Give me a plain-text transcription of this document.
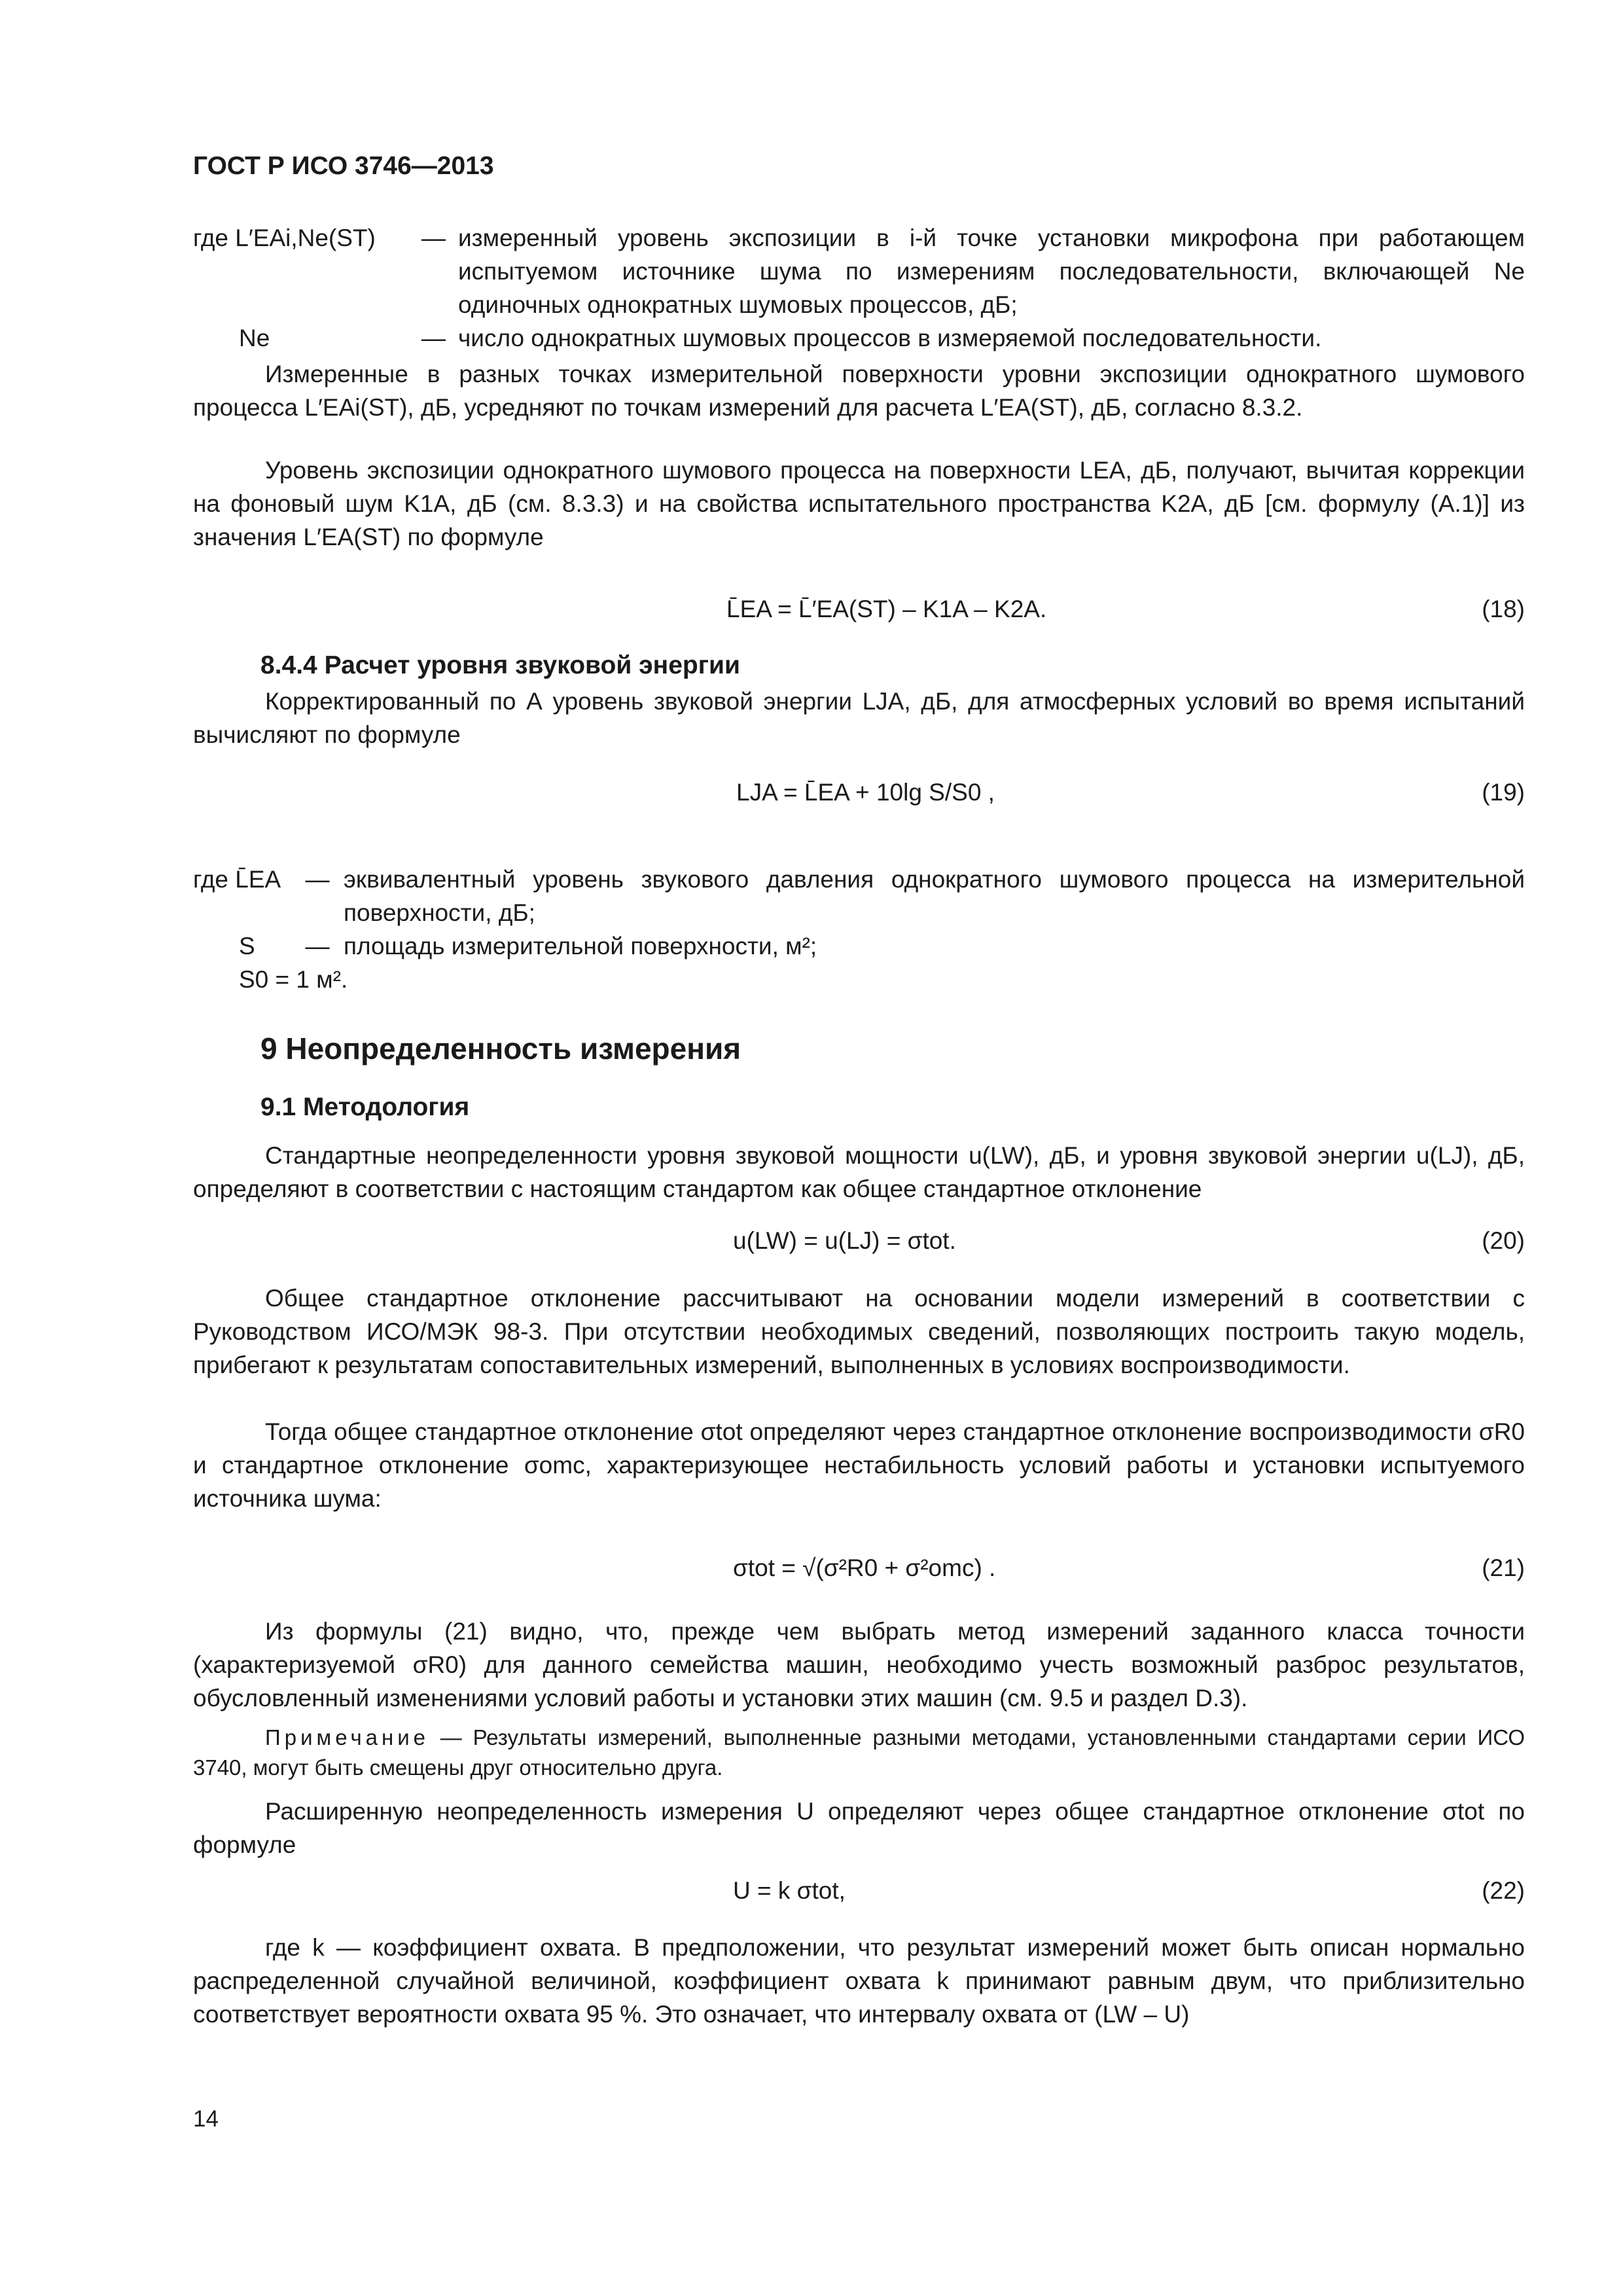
ГОСТ Р ИСО 3746—2013
где L′EAi,Ne(ST)	— измеренный уровень экспозиции в i-й точке установки микрофона при работающем испытуемом источнике шума по измерениям последовательности, включающей Ne одиночных однократных шумовых процессов, дБ;
Ne	— число однократных шумовых процессов в измеряемой последовательности.
Измеренные в разных точках измерительной поверхности уровни экспозиции однократного шумового процесса L′EAi(ST), дБ, усредняют по точкам измерений для расчета L′EA(ST), дБ, согласно 8.3.2.
Уровень экспозиции однократного шумового процесса на поверхности LEA, дБ, получают, вычитая коррекции на фоновый шум K1A, дБ (см. 8.3.3) и на свойства испытательного пространства K2A, дБ [см. формулу (А.1)] из значения L′EA(ST) по формуле
L̄EA = L̄′EA(ST) – K1A – K2A.	(18)
8.4.4 Расчет уровня звуковой энергии
Корректированный по А уровень звуковой энергии LJA, дБ, для атмосферных условий во время испытаний вычисляют по формуле
LJA = L̄EA + 10lg S/S0 ,	(19)
где L̄EA	— эквивалентный уровень звукового давления однократного шумового процесса на измерительной поверхности, дБ;
S	— площадь измерительной поверхности, м²;
S0 = 1 м².
9 Неопределенность измерения
9.1 Методология
Стандартные неопределенности уровня звуковой мощности u(LW), дБ, и уровня звуковой энергии u(LJ), дБ, определяют в соответствии с настоящим стандартом как общее стандартное отклонение
u(LW) = u(LJ) = σtot.	(20)
Общее стандартное отклонение рассчитывают на основании модели измерений в соответствии с Руководством ИСО/МЭК 98-3. При отсутствии необходимых сведений, позволяющих построить такую модель, прибегают к результатам сопоставительных измерений, выполненных в условиях воспроизводимости.
Тогда общее стандартное отклонение σtot определяют через стандартное отклонение воспроизводимости σR0 и стандартное отклонение σomc, характеризующее нестабильность условий работы и установки испытуемого источника шума:
σtot = √(σ²R0 + σ²omc) .	(21)
Из формулы (21) видно, что, прежде чем выбрать метод измерений заданного класса точности (характеризуемой σR0) для данного семейства машин, необходимо учесть возможный разброс результатов, обусловленный изменениями условий работы и установки этих машин (см. 9.5 и раздел D.3).
Примечание — Результаты измерений, выполненные разными методами, установленными стандартами серии ИСО 3740, могут быть смещены друг относительно друга.
Расширенную неопределенность измерения U определяют через общее стандартное отклонение σtot по формуле
U = k σtot,	(22)
где k — коэффициент охвата. В предположении, что результат измерений может быть описан нормально распределенной случайной величиной, коэффициент охвата k принимают равным двум, что приблизительно соответствует вероятности охвата 95 %. Это означает, что интервалу охвата от (LW – U)
14
